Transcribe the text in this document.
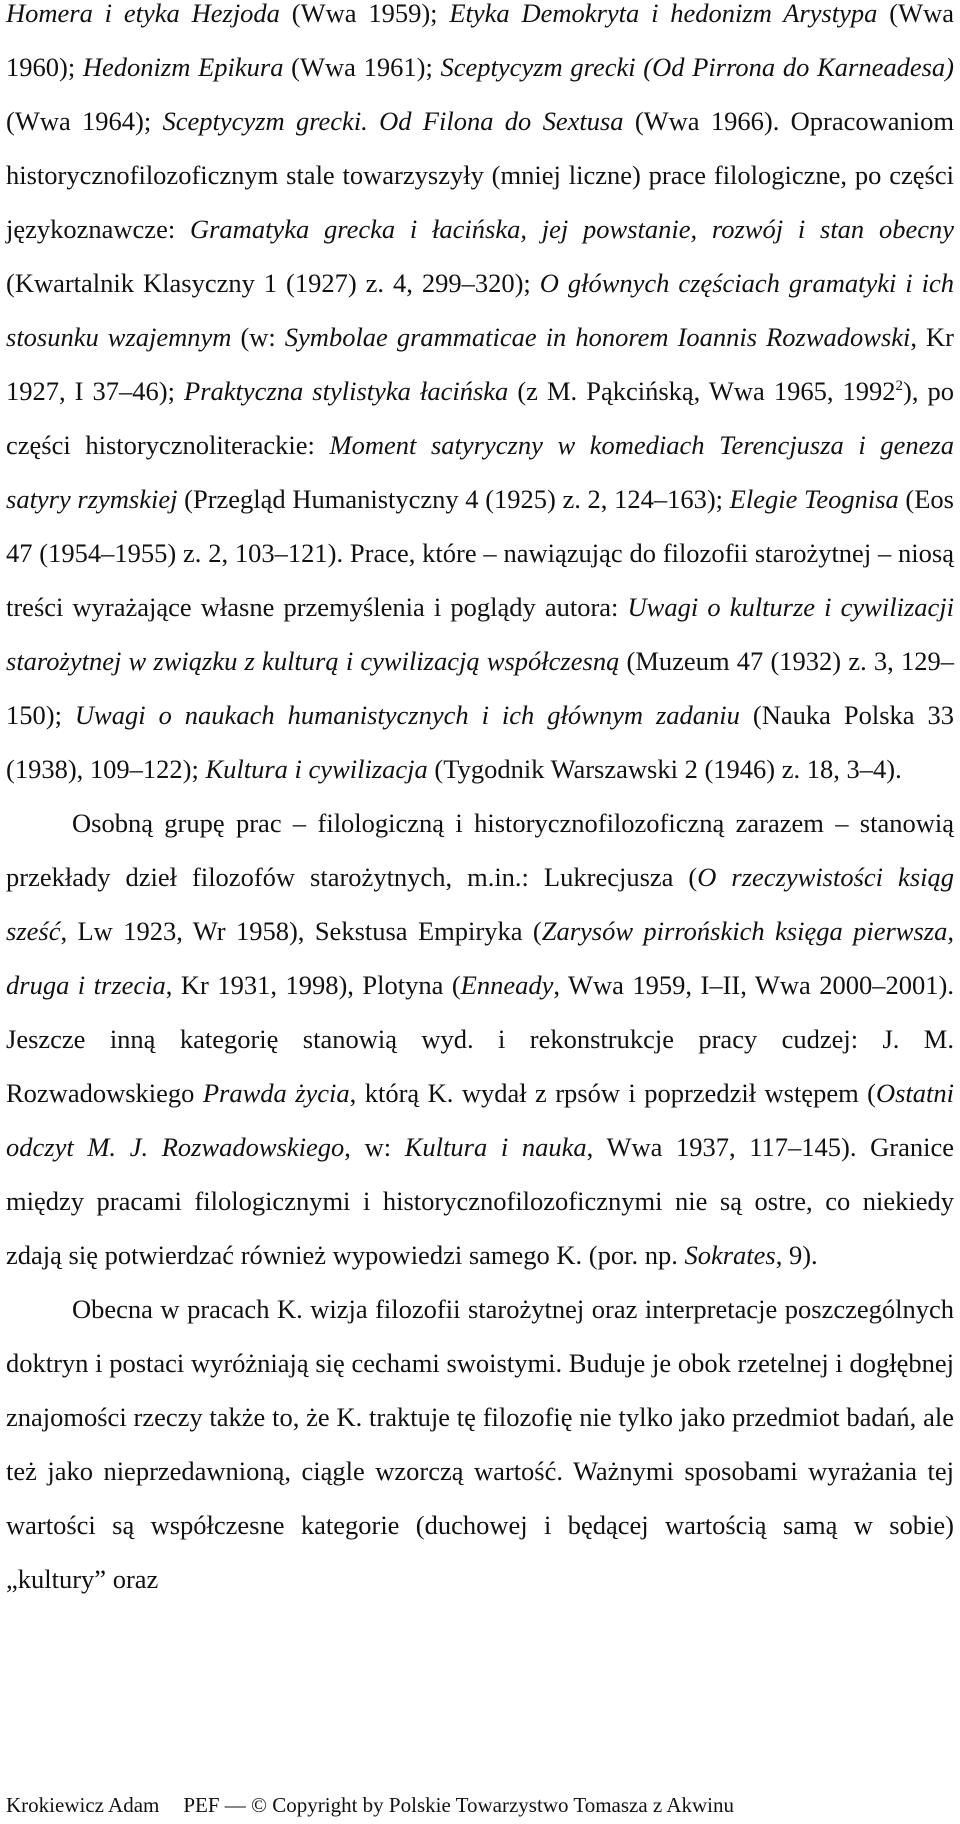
Homera i etyka Hezjoda (Wwa 1959); Etyka Demokryta i hedonizm Arystypa (Wwa 1960); Hedonizm Epikura (Wwa 1961); Sceptycyzm grecki (Od Pirrona do Karneadesa) (Wwa 1964); Sceptycyzm grecki. Od Filona do Sextusa (Wwa 1966). Opracowaniom historycznofilozoficznym stale towarzyszyły (mniej liczne) prace filologiczne, po części językoznawcze: Gramatyka grecka i łacińska, jej powstanie, rozwój i stan obecny (Kwartalnik Klasyczny 1 (1927) z. 4, 299–320); O głównych częściach gramatyki i ich stosunku wzajemnym (w: Symbolae grammaticae in honorem Ioannis Rozwadowski, Kr 1927, I 37–46); Praktyczna stylistyka łacińska (z M. Pąkcińską, Wwa 1965, 1992$^2$), po części historycznoliterackie: Moment satyryczny w komediach Terencjusza i geneza satyry rzymskiej (Przegląd Humanistyczny 4 (1925) z. 2, 124–163); Elegie Teognisa (Eos 47 (1954–1955) z. 2, 103–121). Prace, które – nawiązując do filozofii starożytnej – niosą treści wyrażające własne przemyślenia i poglądy autora: Uwagi o kulturze i cywilizacji starożytnej w związku z kulturą i cywilizacją współczesną (Muzeum 47 (1932) z. 3, 129–150); Uwagi o naukach humanistycznych i ich głównym zadaniu (Nauka Polska 33 (1938), 109–122); Kultura i cywilizacja (Tygodnik Warszawski 2 (1946) z. 18, 3–4).

Osobną grupę prac – filologiczną i historycznofilozoficzną zarazem – stanowią przekłady dzieł filozofów starożytnych, m.in.: Lukrecjusza (O rzeczywistości ksiąg sześć, Lw 1923, Wr 1958), Sekstusa Empiryka (Zarysów pirrońskich księga pierwsza, druga i trzecia, Kr 1931, 1998), Plotyna (Enneady, Wwa 1959, I–II, Wwa 2000–2001). Jeszcze inną kategorię stanowią wyd. i rekonstrukcje pracy cudzej: J. M. Rozwadowskiego Prawda życia, którą K. wydał z rpsów i poprzedził wstępem (Ostatni odczyt M. J. Rozwadowskiego, w: Kultura i nauka, Wwa 1937, 117–145). Granice między pracami filologicznymi i historycznofilozoficznymi nie są ostre, co niekiedy zdają się potwierdzać również wypowiedzi samego K. (por. np. Sokrates, 9).

Obecna w pracach K. wizja filozofii starożytnej oraz interpretacje poszczególnych doktryn i postaci wyróżniają się cechami swoistymi. Buduje je obok rzetelnej i dogłębnej znajomości rzeczy także to, że K. traktuje tę filozofię nie tylko jako przedmiot badań, ale też jako nieprzedawnioną, ciągle wzorczą wartość. Ważnymi sposobami wyrażania tej wartości są współczesne kategorie (duchowej i będącej wartością samą w sobie) „kultury” oraz

Krokiewicz Adam PEF — © Copyright by Polskie Towarzystwo Tomasza z Akwinu
